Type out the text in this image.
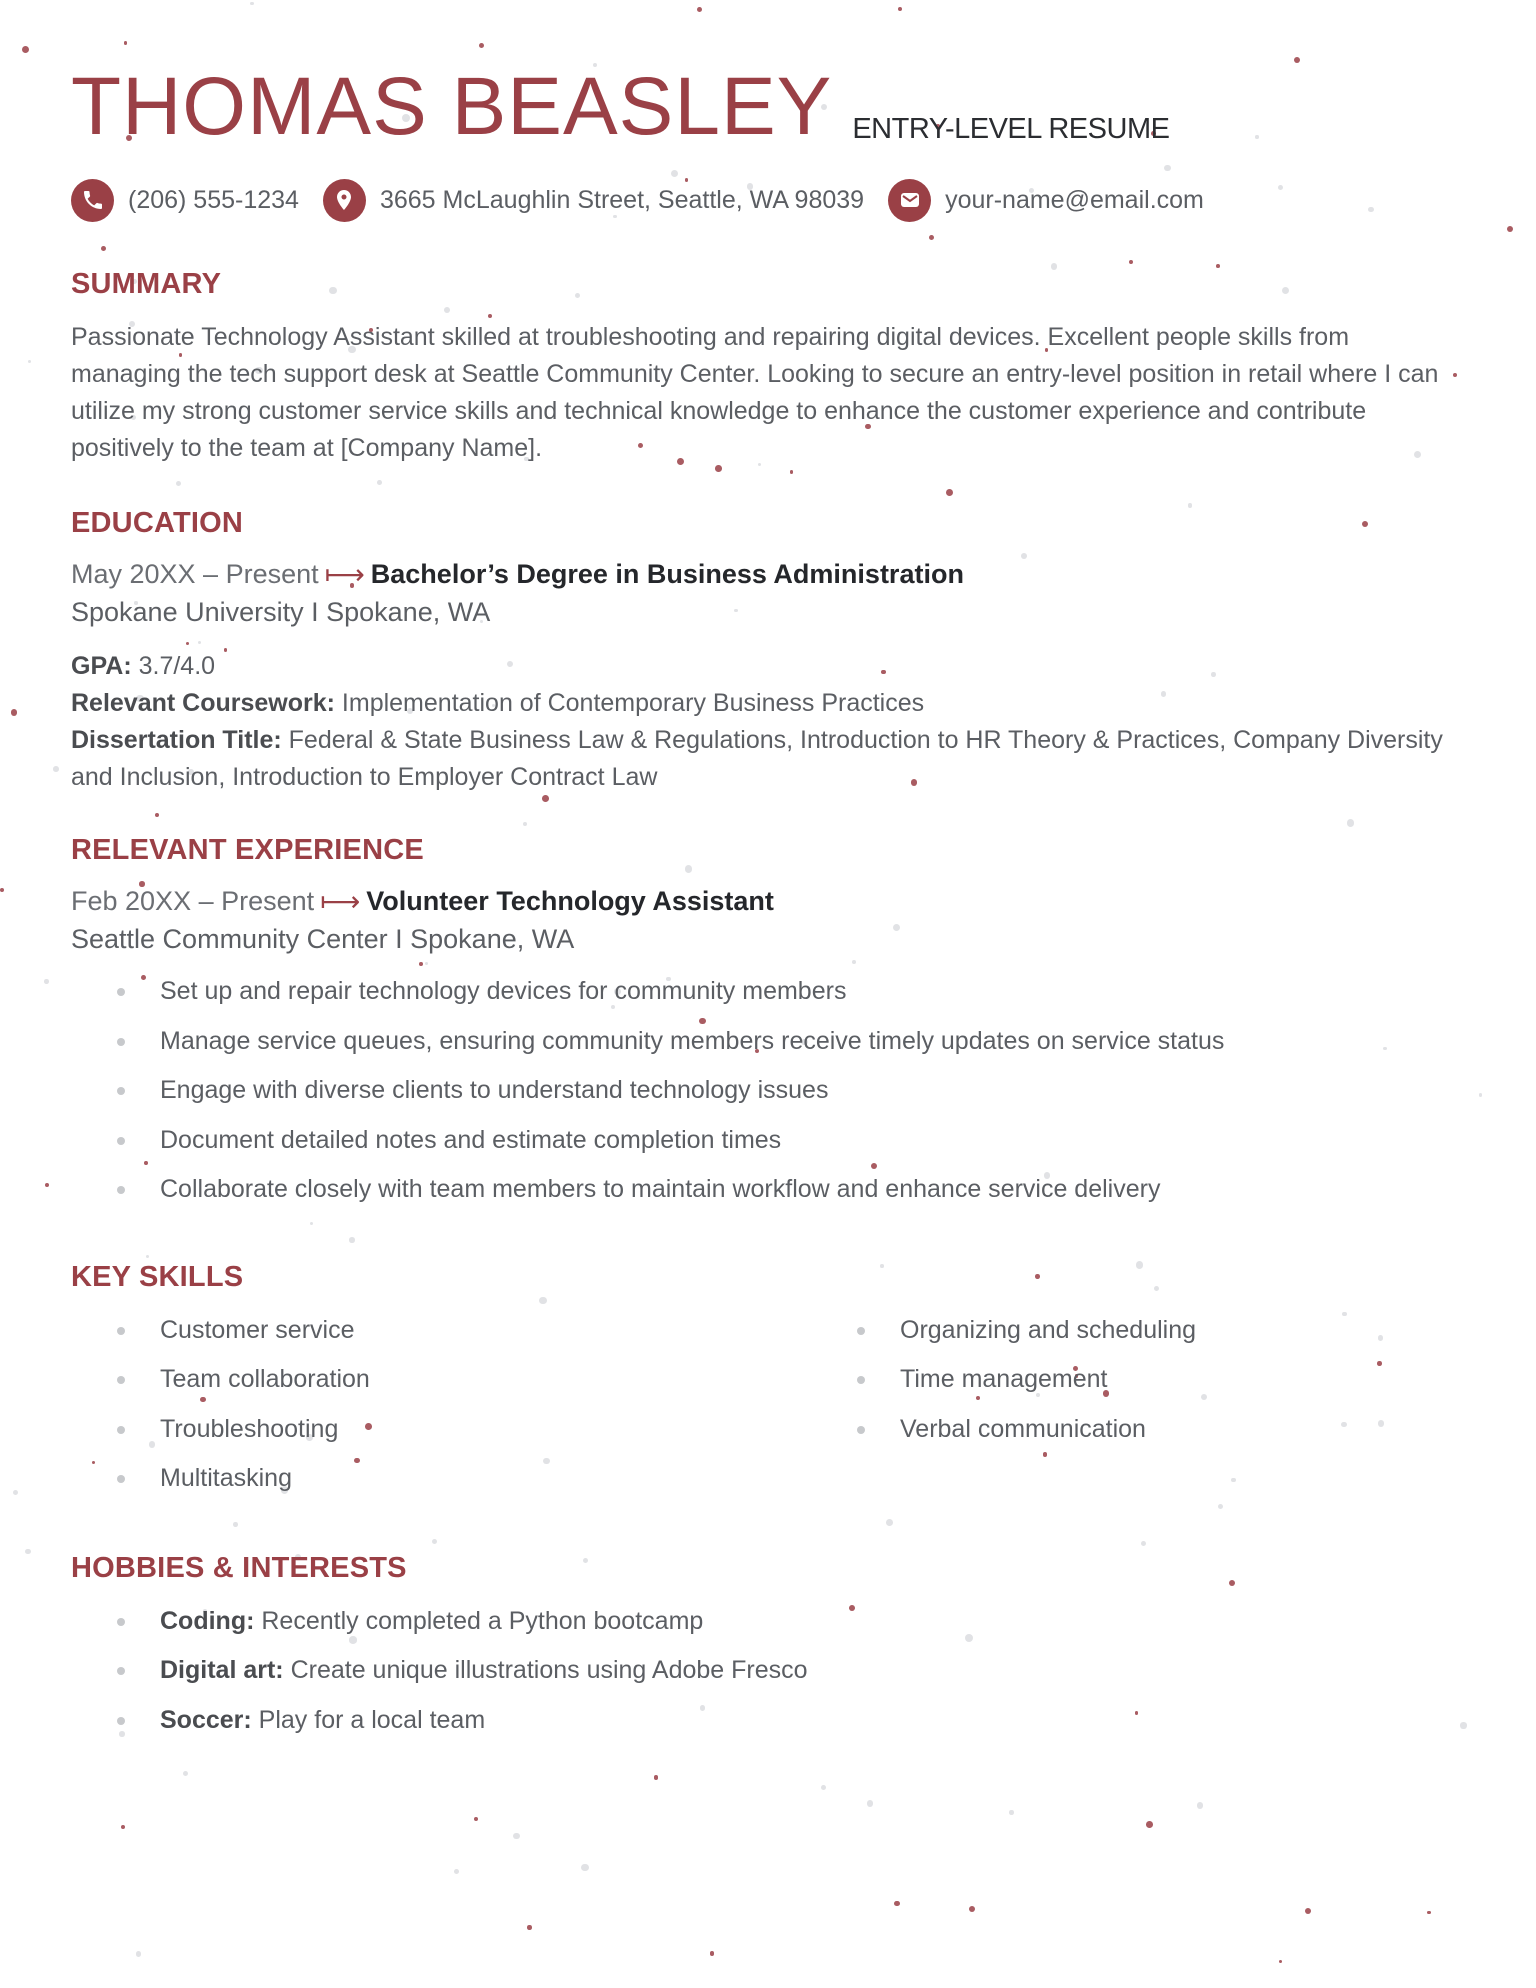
THOMAS BEASLEY ENTRY-LEVEL RESUME
(206) 555-1234	3665 McLaughlin Street, Seattle, WA 98039	your-name@email.com
SUMMARY
Passionate Technology Assistant skilled at troubleshooting and repairing digital devices. Excellent people skills from managing the tech support desk at Seattle Community Center. Looking to secure an entry-level position in retail where I can utilize my strong customer service skills and technical knowledge to enhance the customer experience and contribute positively to the team at [Company Name].
EDUCATION
May 20XX – Present ⟼ Bachelor’s Degree in Business Administration
Spokane University I Spokane, WA
GPA: 3.7/4.0
Relevant Coursework: Implementation of Contemporary Business Practices
Dissertation Title: Federal & State Business Law & Regulations, Introduction to HR Theory & Practices, Company Diversity and Inclusion, Introduction to Employer Contract Law
RELEVANT EXPERIENCE
Feb 20XX – Present ⟼ Volunteer Technology Assistant
Seattle Community Center I Spokane, WA
Set up and repair technology devices for community members
Manage service queues, ensuring community members receive timely updates on service status
Engage with diverse clients to understand technology issues
Document detailed notes and estimate completion times
Collaborate closely with team members to maintain workflow and enhance service delivery
KEY SKILLS
Customer service
Team collaboration
Troubleshooting
Multitasking
Organizing and scheduling
Time management
Verbal communication
HOBBIES & INTERESTS
Coding: Recently completed a Python bootcamp
Digital art: Create unique illustrations using Adobe Fresco
Soccer: Play for a local team
